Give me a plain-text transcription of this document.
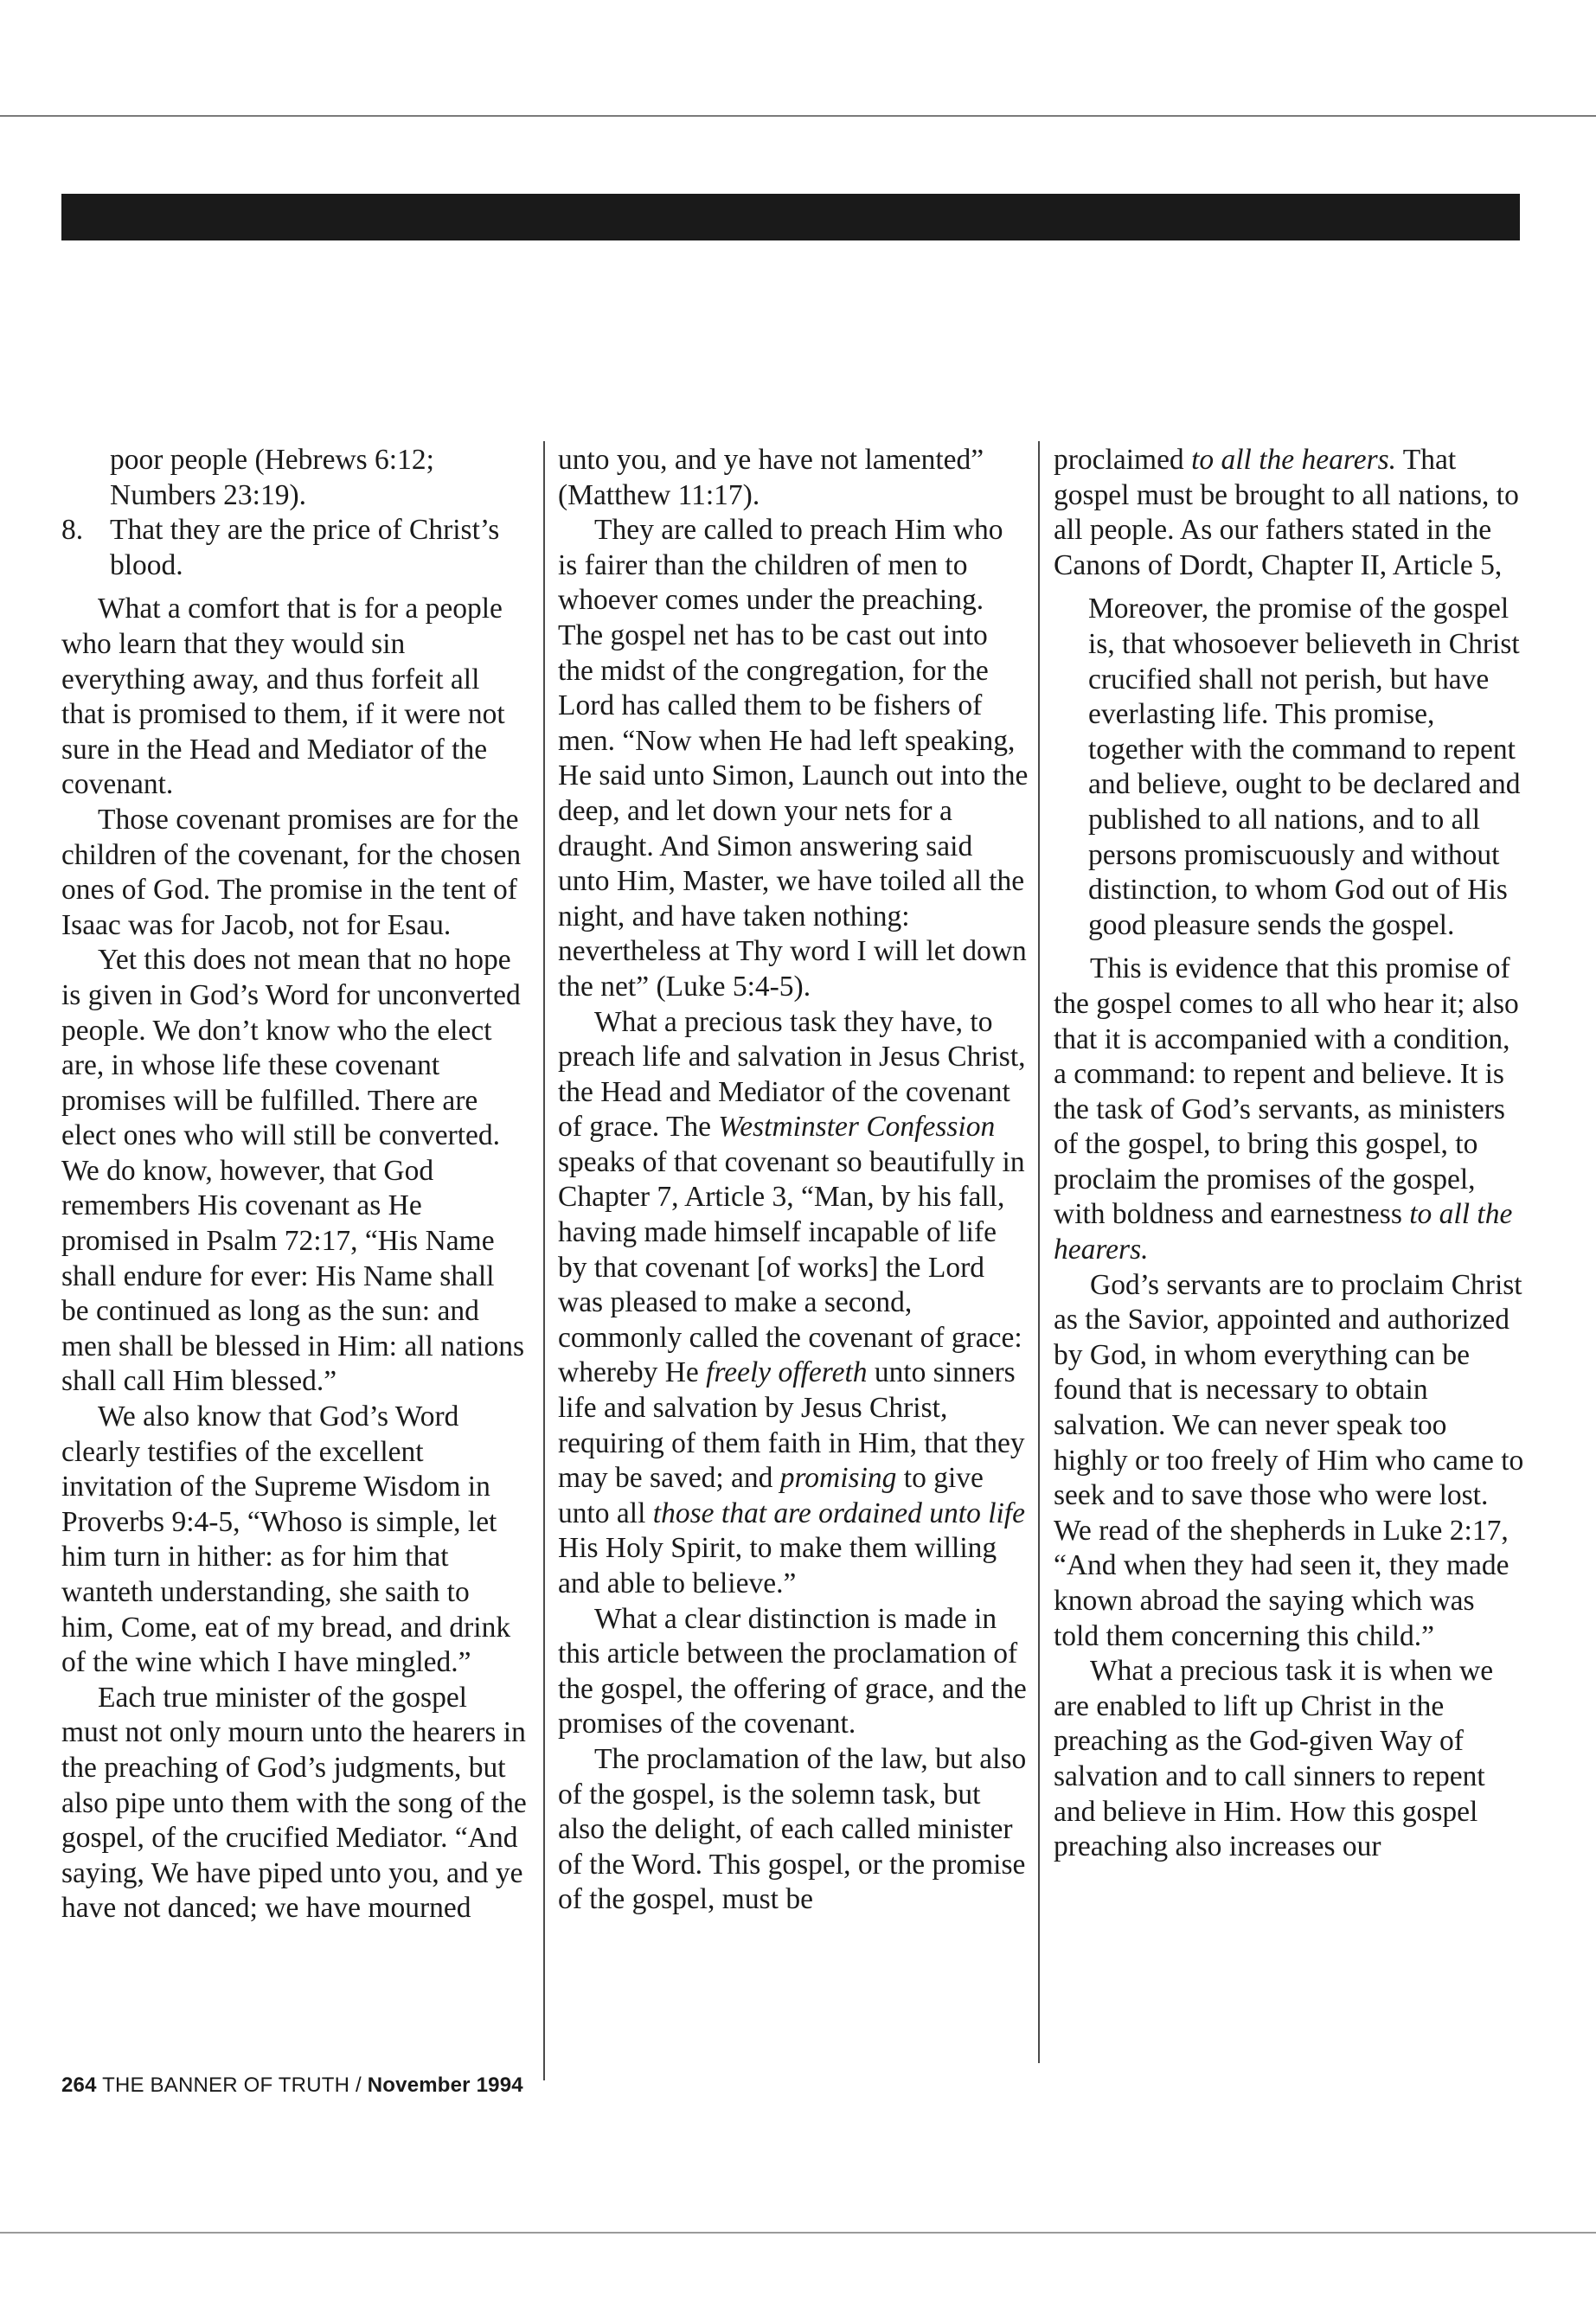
poor people (Hebrews 6:12;
Numbers 23:19).

8. That they are the price of Christ’s blood.

What a comfort that is for a people who learn that they would sin everything away, and thus forfeit all that is promised to them, if it were not sure in the Head and Mediator of the covenant.

Those covenant promises are for the children of the covenant, for the chosen ones of God. The promise in the tent of Isaac was for Jacob, not for Esau.

Yet this does not mean that no hope is given in God’s Word for unconverted people. We don’t know who the elect are, in whose life these covenant promises will be fulfilled. There are elect ones who will still be converted. We do know, however, that God remembers His covenant as He promised in Psalm 72:17, “His Name shall endure for ever: His Name shall be continued as long as the sun: and men shall be blessed in Him: all nations shall call Him blessed.”

We also know that God’s Word clearly testifies of the excellent invitation of the Supreme Wisdom in Proverbs 9:4-5, “Whoso is simple, let him turn in hither: as for him that wanteth understanding, she saith to him, Come, eat of my bread, and drink of the wine which I have mingled.”

Each true minister of the gospel must not only mourn unto the hearers in the preaching of God’s judgments, but also pipe unto them with the song of the gospel, of the crucified Mediator. “And saying, We have piped unto you, and ye have not danced; we have mourned

unto you, and ye have not lamented” (Matthew 11:17).

They are called to preach Him who is fairer than the children of men to whoever comes under the preaching. The gospel net has to be cast out into the midst of the congregation, for the Lord has called them to be fishers of men. “Now when He had left speaking, He said unto Simon, Launch out into the deep, and let down your nets for a draught. And Simon answering said unto Him, Master, we have toiled all the night, and have taken nothing: nevertheless at Thy word I will let down the net” (Luke 5:4-5).

What a precious task they have, to preach life and salvation in Jesus Christ, the Head and Mediator of the covenant of grace. The Westminster Confession speaks of that covenant so beautifully in Chapter 7, Article 3, “Man, by his fall, having made himself incapable of life by that covenant [of works] the Lord was pleased to make a second, commonly called the covenant of grace: whereby He freely offereth unto sinners life and salvation by Jesus Christ, requiring of them faith in Him, that they may be saved; and promising to give unto all those that are ordained unto life His Holy Spirit, to make them willing and able to believe.”

What a clear distinction is made in this article between the proclamation of the gospel, the offering of grace, and the promises of the covenant.

The proclamation of the law, but also of the gospel, is the solemn task, but also the delight, of each called minister of the Word. This gospel, or the promise of the gospel, must be

proclaimed to all the hearers. That gospel must be brought to all nations, to all people. As our fathers stated in the Canons of Dordt, Chapter II, Article 5,

Moreover, the promise of the gospel is, that whosoever believeth in Christ crucified shall not perish, but have everlasting life. This promise, together with the command to repent and believe, ought to be declared and published to all nations, and to all persons promiscuously and without distinction, to whom God out of His good pleasure sends the gospel.

This is evidence that this promise of the gospel comes to all who hear it; also that it is accompanied with a condition, a command: to repent and believe. It is the task of God’s servants, as ministers of the gospel, to bring this gospel, to proclaim the promises of the gospel, with boldness and earnestness to all the hearers.

God’s servants are to proclaim Christ as the Savior, appointed and authorized by God, in whom everything can be found that is necessary to obtain salvation. We can never speak too highly or too freely of Him who came to seek and to save those who were lost. We read of the shepherds in Luke 2:17, “And when they had seen it, they made known abroad the saying which was told them concerning this child.”

What a precious task it is when we are enabled to lift up Christ in the preaching as the God-given Way of salvation and to call sinners to repent and believe in Him. How this gospel preaching also increases our

264 THE BANNER OF TRUTH / November 1994
